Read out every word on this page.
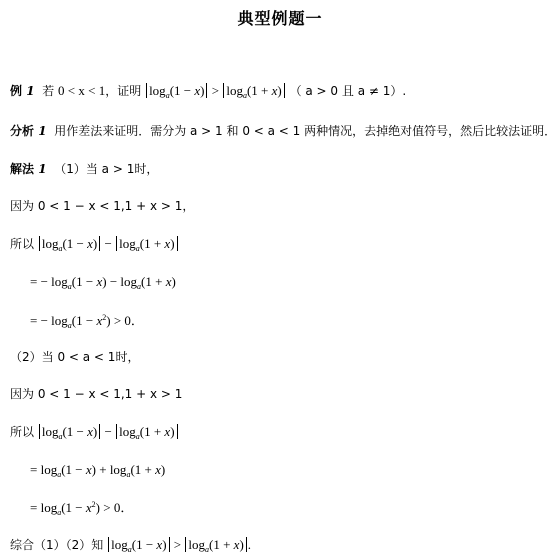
典型例题一
例 1 若 0 < x < 1，证明 $\log_a(1 - x) > \log_a(1 + x)$ （ a > 0 且 a ≠ 1）.
分析 1 用作差法来证明．需分为 a > 1 和 0 < a < 1 两种情况，去掉绝对值符号，然后比较法证明．
解法 1 （1）当 a > 1时，
因为 0 < 1 − x < 1,1 + x > 1，
所以 $\log_a(1 - x) - \log_a(1 + x)$
= − $\log_a(1 - x) - \log_a(1 + x)$
= − $\log_a(1 - x^2) > 0$．
（2）当 0 < a < 1时，
因为 0 < 1 − x < 1,1 + x > 1
所以 $\log_a(1 - x) - \log_a(1 + x)$
= $\log_a(1 - x) + \log_a(1 + x)$
= $\log_a(1 - x^2) > 0$．
综合（1）（2）知 $\log_a(1 - x) > \log_a(1 + x)$ .
